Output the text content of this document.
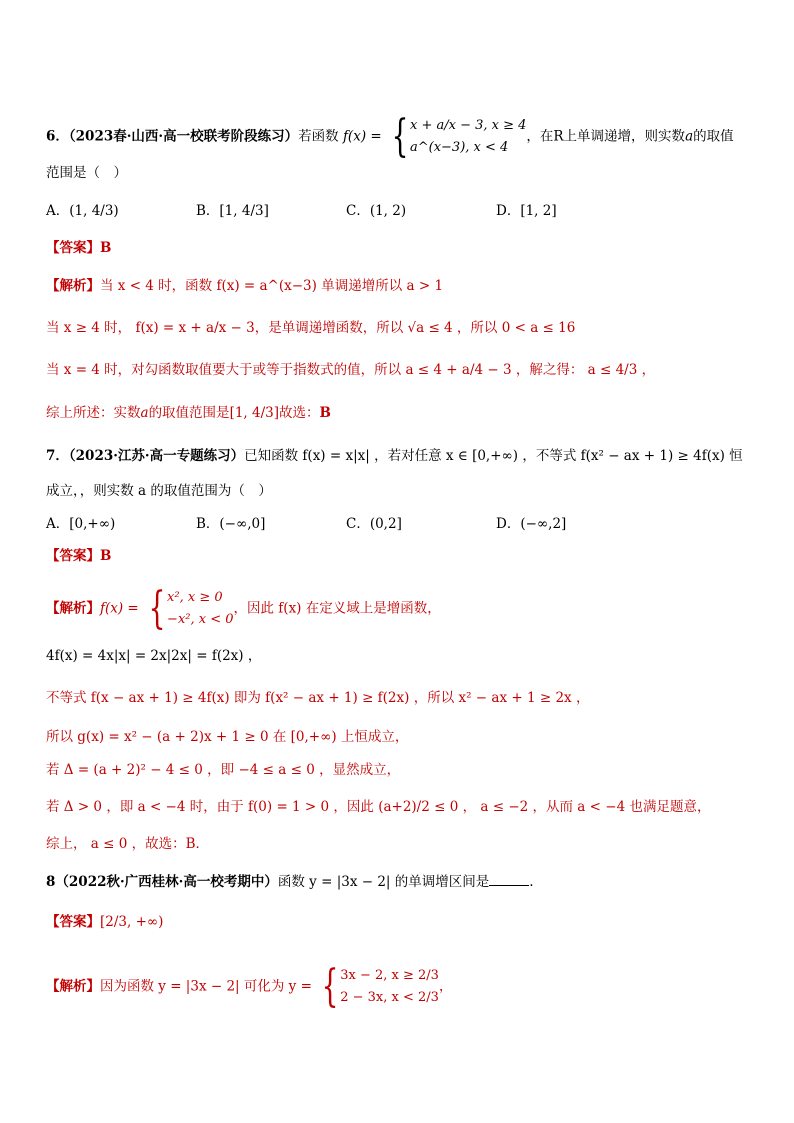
6．（2023春·山西·高一校联考阶段练习）若函数 f(x) = { x + a/x − 3, x ≥ 4
a^(x−3), x < 4
，在R上单调递增，则实数a的取值
范围是（　）
A．(1, 4/3)	B．[1, 4/3]	C．(1, 2)	D．[1, 2]
【答案】B
【解析】当 x < 4 时，函数 f(x) = a^(x−3) 单调递增所以 a > 1
当 x ≥ 4 时， f(x) = x + a/x − 3，是单调递增函数，所以 √a ≤ 4 ，所以 0 < a ≤ 16
当 x = 4 时，对勾函数取值要大于或等于指数式的值，所以 a ≤ 4 + a/4 − 3 ，解之得： a ≤ 4/3 ，
综上所述：实数a的取值范围是[1, 4/3]故选：B
7．（2023·江苏·高一专题练习）已知函数 f(x) = x|x| ，若对任意 x ∈ [0,+∞) ，不等式 f(x² − ax + 1) ≥ 4f(x) 恒
成立，，则实数 a 的取值范围为（　）
A．[0,+∞)	B．(−∞,0]	C．(0,2]	D．(−∞,2]
【答案】B
【解析】f(x) = { x², x ≥ 0
−x², x < 0
，因此 f(x) 在定义域上是增函数，
4f(x) = 4x|x| = 2x|2x| = f(2x) ，
不等式 f(x − ax + 1) ≥ 4f(x) 即为 f(x² − ax + 1) ≥ f(2x) ，所以 x² − ax + 1 ≥ 2x ，
所以 g(x) = x² − (a + 2)x + 1 ≥ 0 在 [0,+∞) 上恒成立，
若 Δ = (a + 2)² − 4 ≤ 0 ，即 −4 ≤ a ≤ 0 ，显然成立，
若 Δ > 0 ，即 a < −4 时，由于 f(0) = 1 > 0 ，因此 (a+2)/2 ≤ 0 ， a ≤ −2 ，从而 a < −4 也满足题意，
综上， a ≤ 0 ，故选：B．
8（2022秋·广西桂林·高一校考期中）函数 y = |3x − 2| 的单调增区间是	.
【答案】[2/3, +∞)
【解析】因为函数 y = |3x − 2| 可化为 y = { 3x − 2, x ≥ 2/3
2 − 3x, x < 2/3
，
